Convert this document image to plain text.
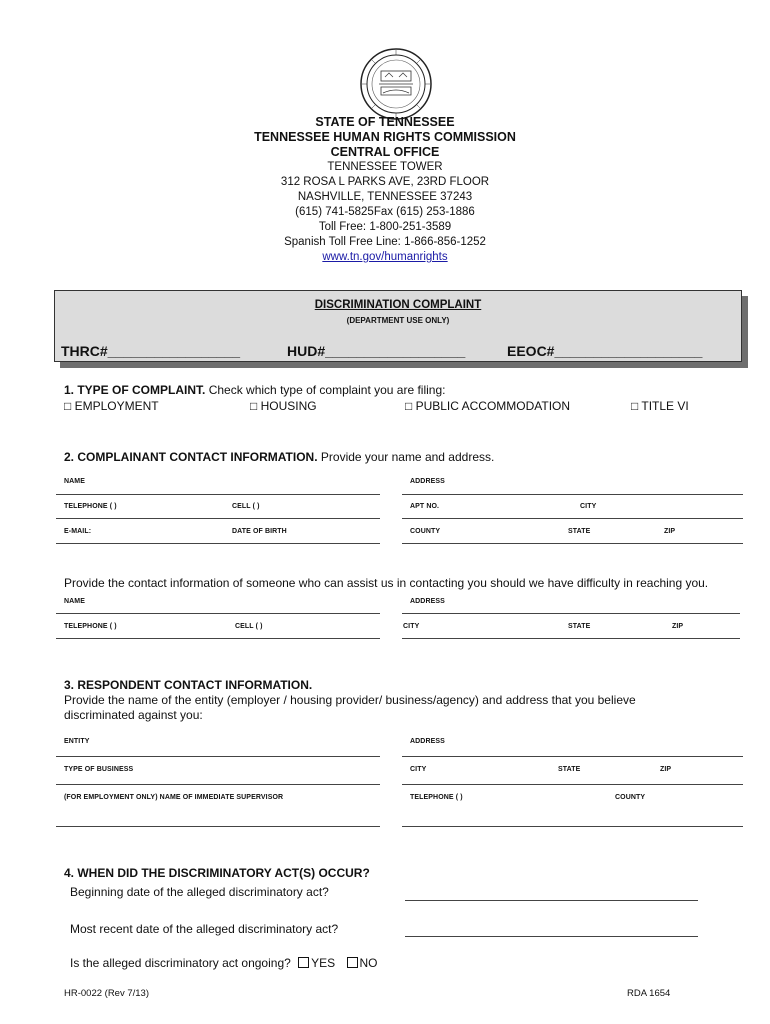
STATE OF TENNESSEE
TENNESSEE HUMAN RIGHTS COMMISSION
CENTRAL OFFICE
TENNESSEE TOWER
312 ROSA L PARKS AVE, 23RD FLOOR
NASHVILLE, TENNESSEE 37243
(615) 741-5825Fax (615) 253-1886
Toll Free: 1-800-251-3589
Spanish Toll Free Line: 1-866-856-1252
www.tn.gov/humanrights
DISCRIMINATION COMPLAINT
(DEPARTMENT USE ONLY)
THRC#_________________	HUD#__________________	EEOC#___________________
1. TYPE OF COMPLAINT. Check which type of complaint you are filing:
□ EMPLOYMENT	□ HOUSING	□ PUBLIC ACCOMMODATION	□ TITLE VI
2. COMPLAINANT CONTACT INFORMATION. Provide your name and address.
NAME	ADDRESS
TELEPHONE ( )	CELL ( )	APT NO.	CITY
E-MAIL:	DATE OF BIRTH	COUNTY	STATE	ZIP
Provide the contact information of someone who can assist us in contacting you should we have difficulty in reaching you.
NAME	ADDRESS
TELEPHONE ( )	CELL ( )	CITY	STATE	ZIP
3. RESPONDENT CONTACT INFORMATION.
Provide the name of the entity (employer / housing provider/ business/agency) and address that you believe
discriminated against you:
ENTITY	ADDRESS
TYPE OF BUSINESS	CITY	STATE	ZIP
(FOR EMPLOYMENT ONLY) NAME OF IMMEDIATE SUPERVISOR	TELEPHONE ( )	COUNTY
4. WHEN DID THE DISCRIMINATORY ACT(S) OCCUR?
Beginning date of the alleged discriminatory act?
Most recent date of the alleged discriminatory act?
Is the alleged discriminatory act ongoing? YES NO
HR-0022 (Rev 7/13)	RDA 1654
